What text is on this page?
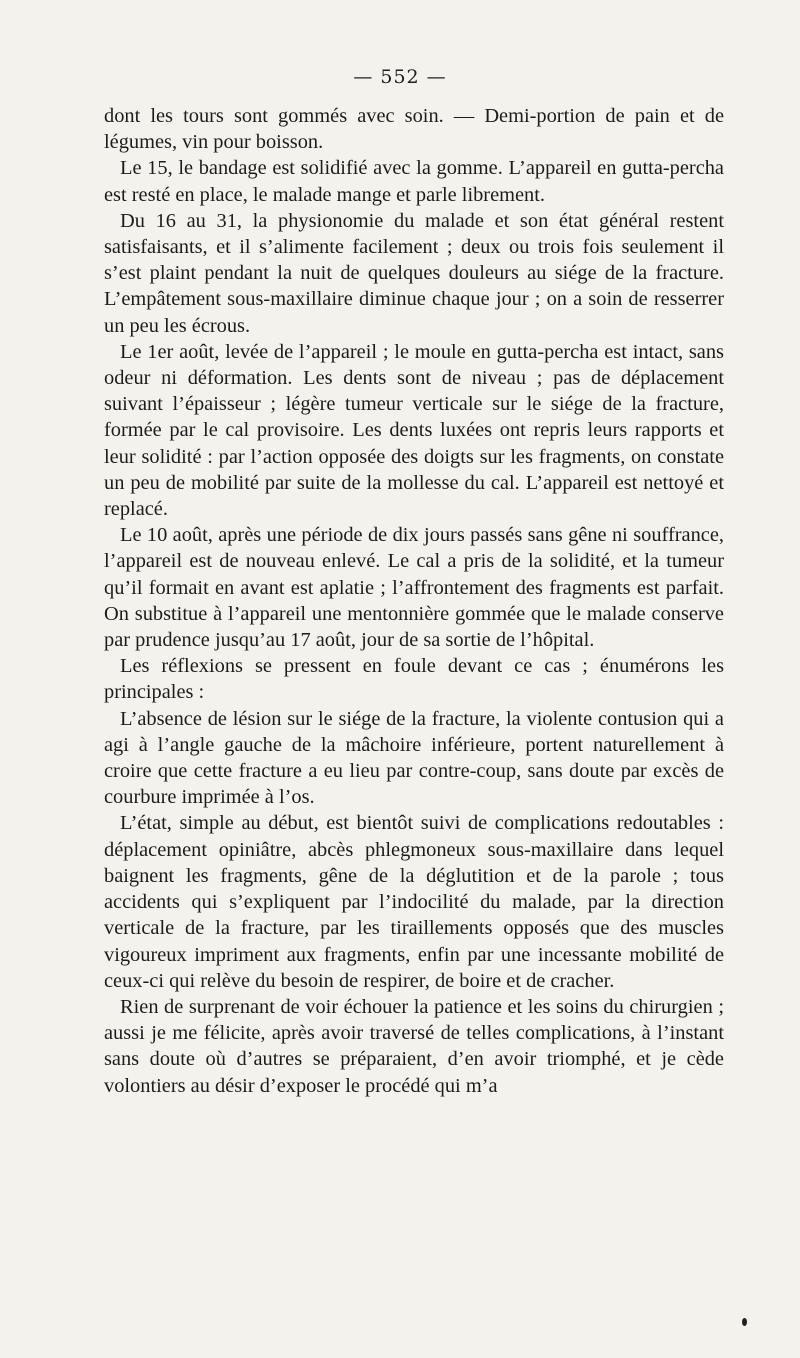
— 552 —

dont les tours sont gommés avec soin. — Demi-portion de pain et de légumes, vin pour boisson.

Le 15, le bandage est solidifié avec la gomme. L’appareil en gutta-percha est resté en place, le malade mange et parle librement.

Du 16 au 31, la physionomie du malade et son état général restent satisfaisants, et il s’alimente facilement ; deux ou trois fois seulement il s’est plaint pendant la nuit de quelques douleurs au siége de la fracture. L’empâtement sous-maxillaire diminue chaque jour ; on a soin de resserrer un peu les écrous.

Le 1er août, levée de l’appareil ; le moule en gutta-percha est intact, sans odeur ni déformation. Les dents sont de niveau ; pas de déplacement suivant l’épaisseur ; légère tumeur verticale sur le siége de la fracture, formée par le cal provisoire. Les dents luxées ont repris leurs rapports et leur solidité : par l’action opposée des doigts sur les fragments, on constate un peu de mobilité par suite de la mollesse du cal. L’appareil est nettoyé et replacé.

Le 10 août, après une période de dix jours passés sans gêne ni souffrance, l’appareil est de nouveau enlevé. Le cal a pris de la solidité, et la tumeur qu’il formait en avant est aplatie ; l’affrontement des fragments est parfait. On substitue à l’appareil une mentonnière gommée que le malade conserve par prudence jusqu’au 17 août, jour de sa sortie de l’hôpital.

Les réflexions se pressent en foule devant ce cas ; énumérons les principales :

L’absence de lésion sur le siége de la fracture, la violente contusion qui a agi à l’angle gauche de la mâchoire inférieure, portent naturellement à croire que cette fracture a eu lieu par contre-coup, sans doute par excès de courbure imprimée à l’os.

L’état, simple au début, est bientôt suivi de complications redoutables : déplacement opiniâtre, abcès phlegmoneux sous-maxillaire dans lequel baignent les fragments, gêne de la déglutition et de la parole ; tous accidents qui s’expliquent par l’indocilité du malade, par la direction verticale de la fracture, par les tiraillements opposés que des muscles vigoureux impriment aux fragments, enfin par une incessante mobilité de ceux-ci qui relève du besoin de respirer, de boire et de cracher.

Rien de surprenant de voir échouer la patience et les soins du chirurgien ; aussi je me félicite, après avoir traversé de telles complications, à l’instant sans doute où d’autres se préparaient, d’en avoir triomphé, et je cède volontiers au désir d’exposer le procédé qui m’a
